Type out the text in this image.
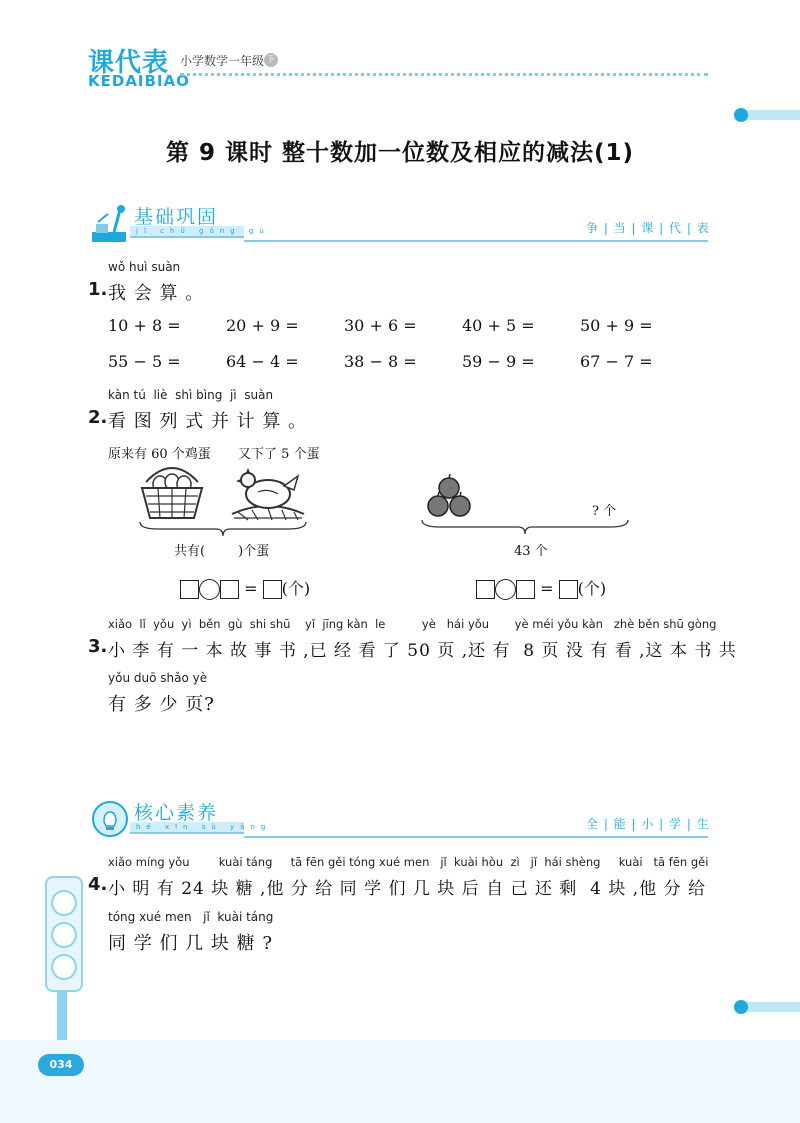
课代表
KEDAIBIAO
小学数学一年级 下
第 9 课时 整十数加一位数及相应的减法(1)
基础巩固
jī chǔ gǒng gù	争 | 当 | 课 | 代 | 表
wǒ huì suàn
1. 我 会 算 。
10 + 8 =	20 + 9 =	30 + 6 =	40 + 5 =	50 + 9 =
55 − 5 =	64 − 4 =	38 − 8 =	59 − 9 =	67 − 7 =
kàn tú  liè  shì bìng  jì  suàn
2. 看 图 列 式 并 计 算 。
原来有 60 个鸡蛋 又下了 5 个蛋
共有(        )个蛋
? 个
43 个
= (个)	= (个)
xiǎo  lǐ  yǒu  yì  běn  gù  shi shū    yǐ  jīng kàn  le          yè   hái yǒu       yè méi yǒu kàn   zhè běn shū gòng
3. 小 李 有 一 本 故 事 书 ,已 经 看 了 50 页 ,还 有  8 页 没 有 看 ,这 本 书 共
yǒu duō shǎo yè
有 多 少 页?
核心素养
hé xīn sù yǎng	全 | 能 | 小 | 学 | 生
xiǎo míng yǒu        kuài táng     tā fēn gěi tóng xué men   jǐ  kuài hòu  zì   jǐ  hái shèng     kuài   tā fēn gěi
4. 小 明 有 24 块 糖 ,他 分 给 同 学 们 几 块 后 自 己 还 剩  4 块 ,他 分 给
tóng xué men   jǐ  kuài táng
同 学 们 几 块 糖 ?
034
